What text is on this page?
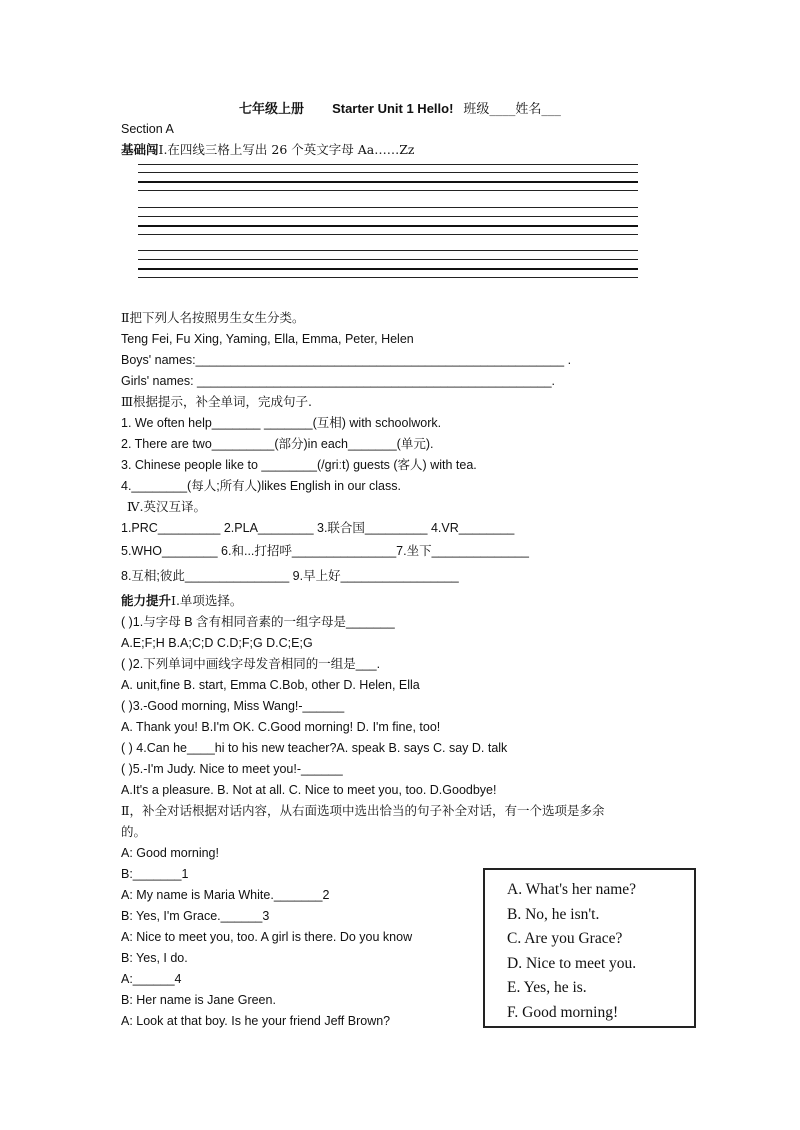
七年级上册 Starter Unit 1 Hello! 班级____姓名___
Section A
基础闯I.在四线三格上写出 26 个英文字母 Aa……Zz
Ⅱ把下列人名按照男生女生分类。
Teng Fei, Fu Xing, Yaming, Ella, Emma, Peter, Helen
Boys' names:_____________________________________________________ .
Girls' names: ___________________________________________________.
Ⅲ根据提示，补全单词，完成句子.
1. We often help_______ _______(互相) with schoolwork.
2. There are two_________(部分)in each_______(单元).
3. Chinese people like to ________(/griːt) guests (客人) with tea.
4.________(每人;所有人)likes English in our class.
Ⅳ.英汉互译。
1.PRC_________ 2.PLA________ 3.联合国_________ 4.VR________
5.WHO________ 6.和...打招呼_______________7.坐下______________
8.互相;彼此_______________ 9.早上好_________________
能力提升I.单项选择。
( )1.与字母 B 含有相同音素的一组字母是_______
A.E;F;H B.A;C;D C.D;F;G D.C;E;G
( )2.下列单词中画线字母发音相同的一组是___.
A. unit,fine B. start, Emma C.Bob, other D. Helen, Ella
( )3.-Good morning, Miss Wang!-______
A. Thank you! B.I'm OK. C.Good morning! D. I'm fine, too!
( ) 4.Can he____hi to his new teacher?A. speak B. says C. say D. talk
( )5.-I'm Judy. Nice to meet you!-______
A.It's a pleasure. B. Not at all. C. Nice to meet you, too. D.Goodbye!
Ⅱ，补全对话根据对话内容，从右面选项中选出恰当的句子补全对话，有一个选项是多余
的。
A: Good morning!
B:_______1
A: My name is Maria White._______2
B: Yes, I'm Grace.______3
A: Nice to meet you, too. A girl is there. Do you know
B: Yes, I do.
A:______4
B: Her name is Jane Green.
A: Look at that boy. Is he your friend Jeff Brown?
A. What's her name?
B. No, he isn't.
C. Are you Grace?
D. Nice to meet you.
E. Yes, he is.
F. Good morning!
